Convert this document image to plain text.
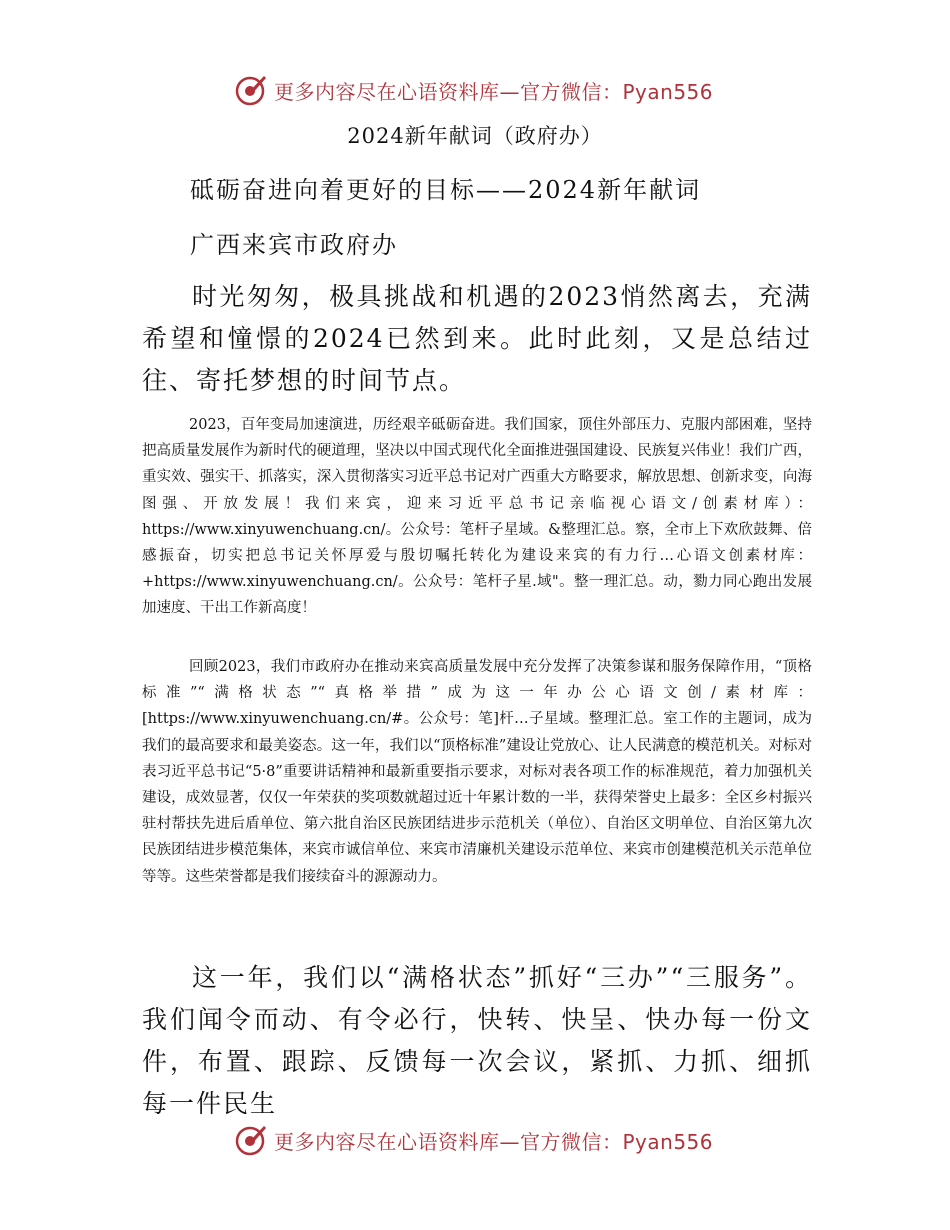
更多内容尽在心语资料库—官方微信：Pyan556
2024新年献词（政府办）
砥砺奋进向着更好的目标——2024新年献词
广西来宾市政府办
时光匆匆，极具挑战和机遇的2023悄然离去，充满希望和憧憬的2024已然到来。此时此刻，又是总结过往、寄托梦想的时间节点。

2023，百年变局加速演进，历经艰辛砥砺奋进。我们国家，顶住外部压力、克服内部困难，坚持把高质量发展作为新时代的硬道理，坚决以中国式现代化全面推进强国建设、民族复兴伟业！我们广西，重实效、强实干、抓落实，深入贯彻落实习近平总书记对广西重大方略要求，解放思想、创新求变，向海图强、开放发展！我们来宾，迎来习近平总书记亲临视心语文/创素材库）：https://www.xinyuwenchuang.cn/。公众号：笔杆子星域。&整理汇总。察，全市上下欢欣鼓舞、倍感振奋，切实把总书记关怀厚爱与殷切嘱托转化为建设来宾的有力行…心语文创素材库：+https://www.xinyuwenchuang.cn/。公众号：笔杆子星.域"。整一理汇总。动，勠力同心跑出发展加速度、干出工作新高度！

回顾2023，我们市政府办在推动来宾高质量发展中充分发挥了决策参谋和服务保障作用，“顶格标准”“满格状态”“真格举措”成为这一年办公心语文创/素材库：[https://www.xinyuwenchuang.cn/#。公众号：笔]杆…子星域。整理汇总。室工作的主题词，成为我们的最高要求和最美姿态。这一年，我们以“顶格标准”建设让党放心、让人民满意的模范机关。对标对表习近平总书记“5·8”重要讲话精神和最新重要指示要求，对标对表各项工作的标准规范，着力加强机关建设，成效显著，仅仅一年荣获的奖项数就超过近十年累计数的一半，获得荣誉史上最多：全区乡村振兴驻村帮扶先进后盾单位、第六批自治区民族团结进步示范机关（单位）、自治区文明单位、自治区第九次民族团结进步模范集体，来宾市诚信单位、来宾市清廉机关建设示范单位、来宾市创建模范机关示范单位等等。这些荣誉都是我们接续奋斗的源源动力。

这一年，我们以“满格状态”抓好“三办”“三服务”。我们闻令而动、有令必行，快转、快呈、快办每一份文件，布置、跟踪、反馈每一次会议，紧抓、力抓、细抓每一件民生
更多内容尽在心语资料库—官方微信：Pyan556
